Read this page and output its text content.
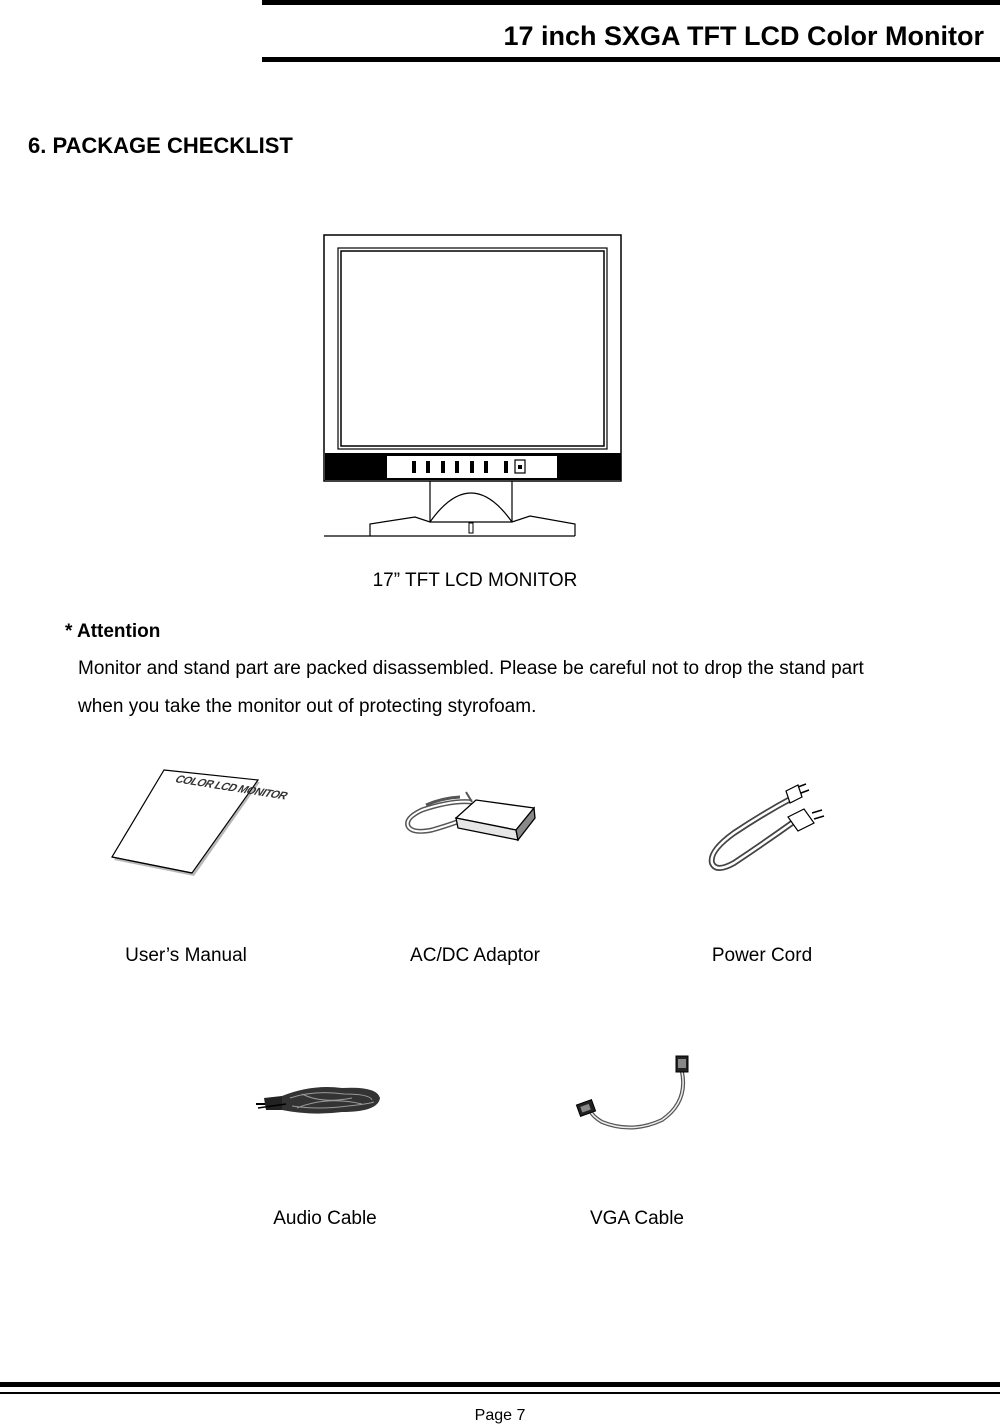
17 inch SXGA TFT LCD Color Monitor
6. PACKAGE CHECKLIST
17” TFT LCD MONITOR
* Attention
Monitor and stand part are packed disassembled. Please be careful not to drop the stand part
when you take the monitor out of protecting styrofoam.
COLOR LCD MONITOR
User’s Manual	AC/DC Adaptor	Power Cord
Audio Cable	VGA Cable
Page 7
